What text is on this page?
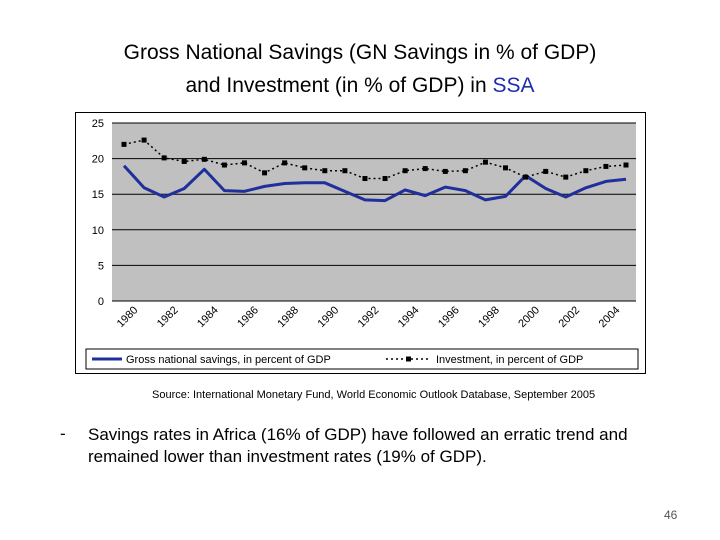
Gross National Savings (GN Savings in % of GDP)
and Investment (in % of GDP) in SSA
0
5
10
15
20
25
1980 1982 1984 1986 1988 1990 1992 1994 1996 1998 2000 2002 2004
Gross national savings, in percent of GDP	Investment, in percent of GDP
Source: International Monetary Fund, World Economic Outlook Database, September 2005
- Savings rates in Africa (16% of GDP) have followed an erratic trend and remained lower than investment rates (19% of GDP).
46
